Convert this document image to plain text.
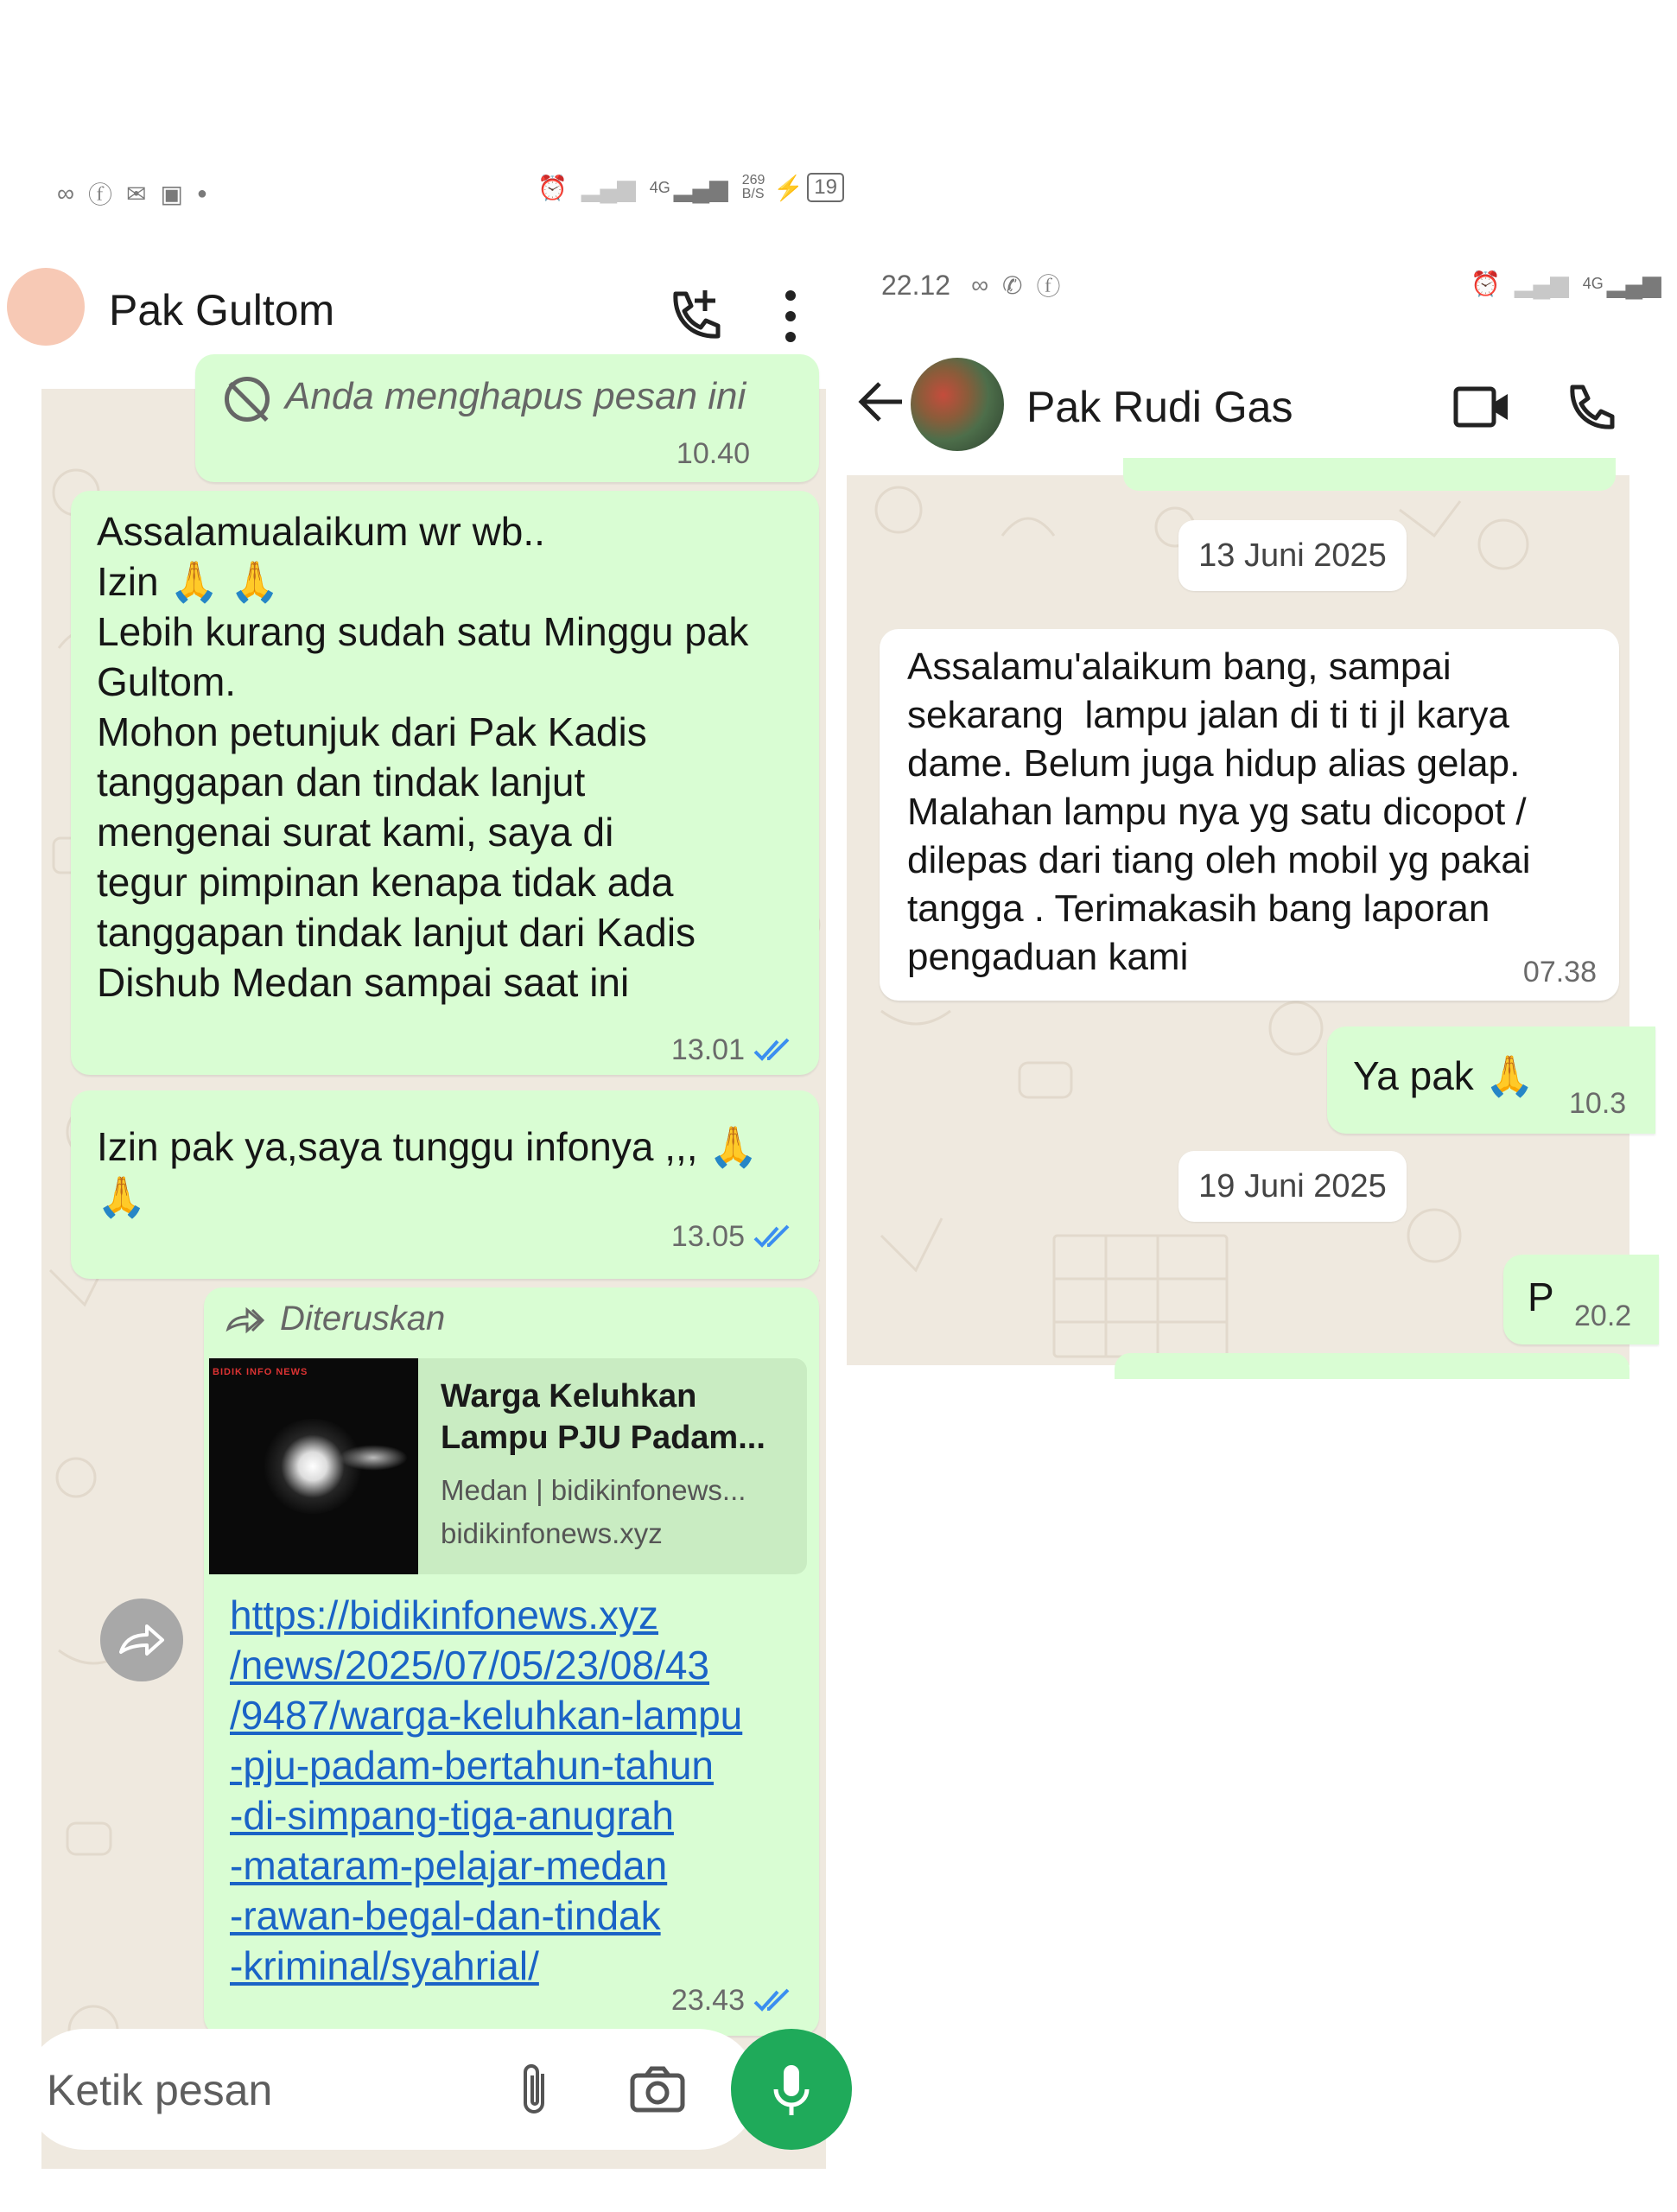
∞ ⓕ ✉ ▣ ●	⏰ ▂▄▆ 4G ▂▄▆ 269
B/S ⚡ 19
Pak Gultom
Anda menghapus pesan ini
10.40
Assalamualaikum wr wb..
Izin 🙏 🙏
Lebih kurang sudah satu Minggu pak
Gultom.
Mohon petunjuk dari Pak Kadis
tanggapan dan tindak lanjut
mengenai surat kami, saya di
tegur pimpinan kenapa tidak ada
tanggapan tindak lanjut dari Kadis
Dishub Medan sampai saat ini
13.01
Izin pak ya,saya tunggu infonya ,,, 🙏
🙏
13.05
Diteruskan
BIDIK INFO NEWS
Warga Keluhkan
Lampu PJU Padam...
Medan | bidikinfonews...
bidikinfonews.xyz
https://bidikinfonews.xyz
/news/2025/07/05/23/08/43
/9487/warga-keluhkan-lampu
-pju-padam-bertahun-tahun
-di-simpang-tiga-anugrah
-mataram-pelajar-medan
-rawan-begal-dan-tindak
-kriminal/syahrial/
23.43
Ketik pesan
22.12 ∞ ✆ ⓕ	⏰ ▂▄▆ 4G ▂▄▆
Pak Rudi Gas
13 Juni 2025
Assalamu'alaikum bang, sampai
sekarang  lampu jalan di ti ti jl karya
dame. Belum juga hidup alias gelap.
Malahan lampu nya yg satu dicopot /
dilepas dari tiang oleh mobil yg pakai
tangga . Terimakasih bang laporan
pengaduan kami	07.38
Ya pak 🙏
10.3
19 Juni 2025
P 20.2
